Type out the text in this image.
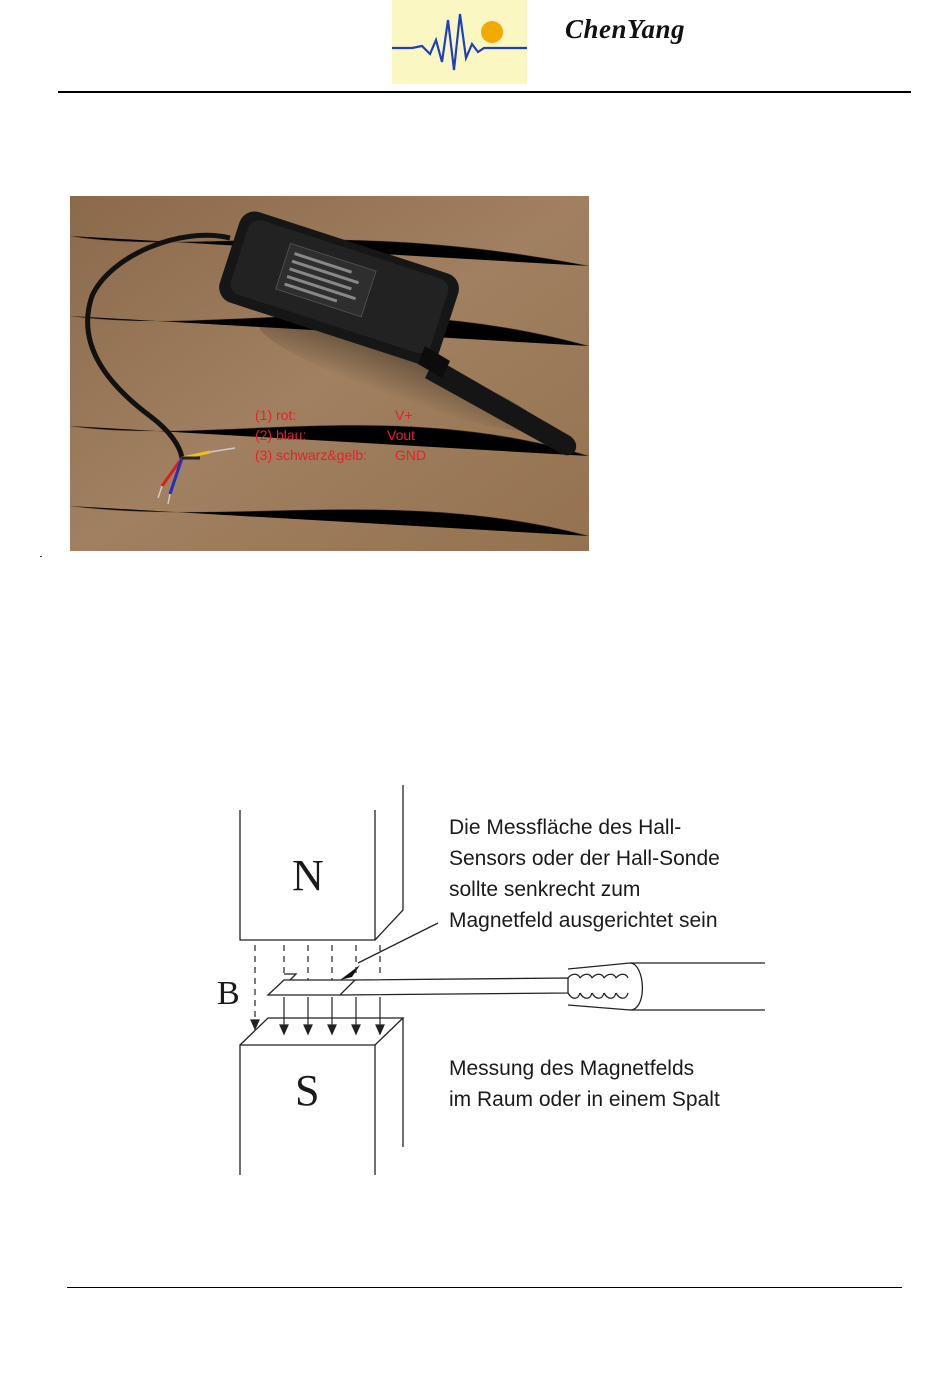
ChenYang
(1) rot:	V+
(2) blau:	Vout
(3) schwarz&gelb: GND
N
S
B
Die Messfläche des Hall-
Sensors oder der Hall-Sonde
sollte senkrecht zum
Magnetfeld ausgerichtet sein
Messung des Magnetfelds
im Raum oder in einem Spalt
